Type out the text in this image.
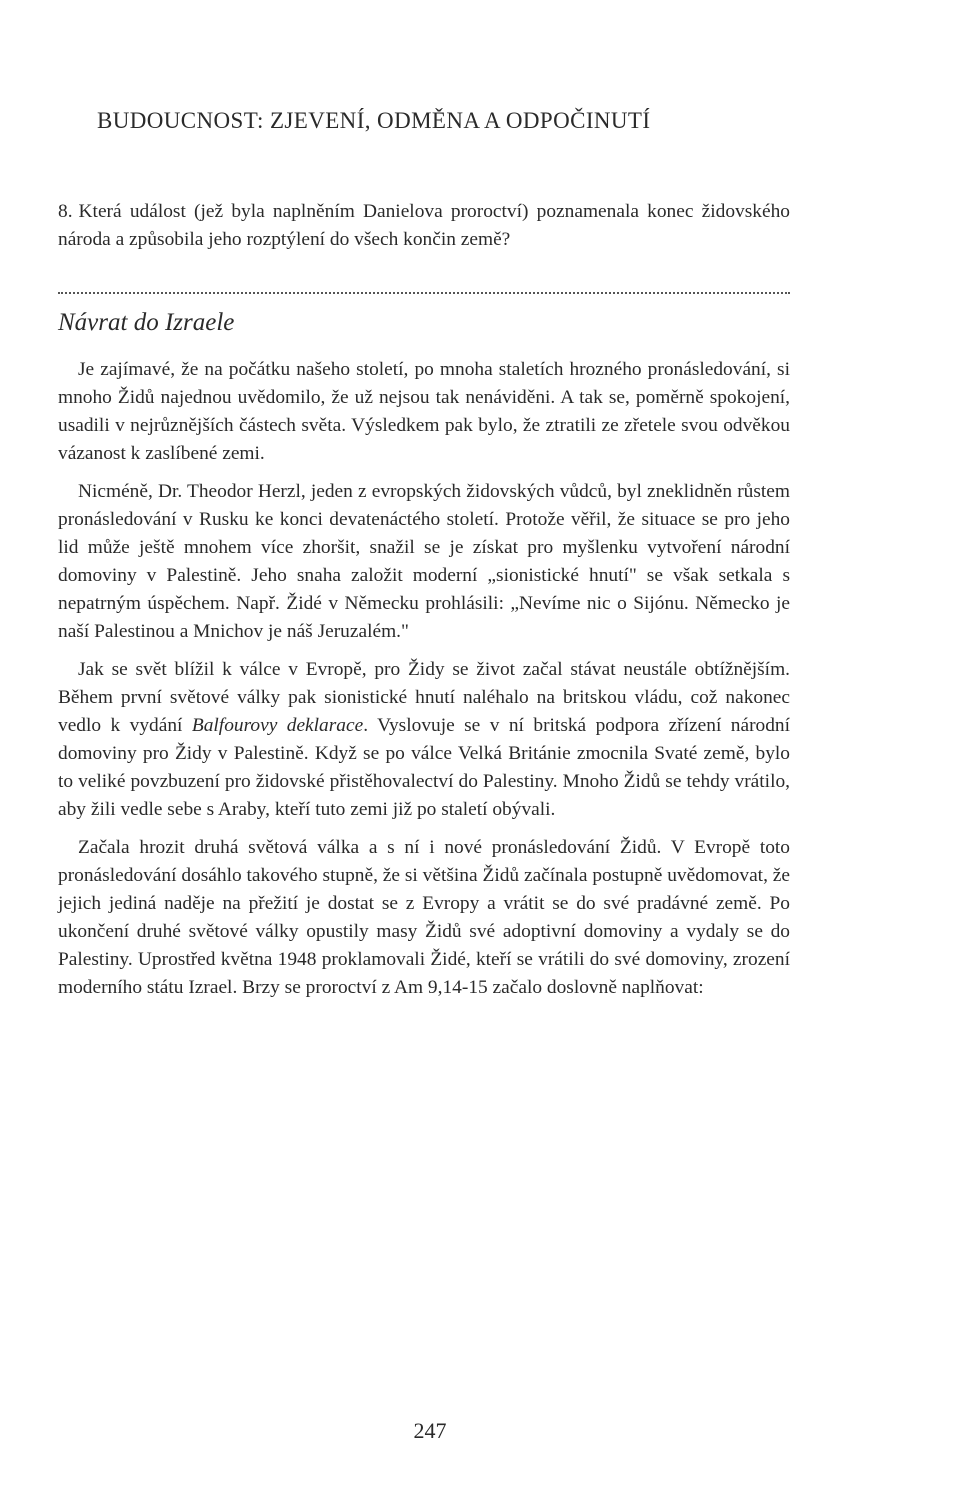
BUDOUCNOST: ZJEVENÍ, ODMĚNA A ODPOČINUTÍ

8. Která událost (jež byla naplněním Danielova proroctví) poznamenala konec židovského národa a způsobila jeho rozptýlení do všech končin země?

Návrat do Izraele

Je zajímavé, že na počátku našeho století, po mnoha staletích hrozného pronásledování, si mnoho Židů najednou uvědomilo, že už nejsou tak nenáviděni. A tak se, poměrně spokojení, usadili v nejrůznějších částech světa. Výsledkem pak bylo, že ztratili ze zřetele svou odvěkou vázanost k zaslíbené zemi.

Nicméně, Dr. Theodor Herzl, jeden z evropských židovských vůdců, byl zneklidněn růstem pronásledování v Rusku ke konci devatenáctého století. Protože věřil, že situace se pro jeho lid může ještě mnohem více zhoršit, snažil se je získat pro myšlenku vytvoření národní domoviny v Palestině. Jeho snaha založit moderní „sionistické hnutí" se však setkala s nepatrným úspěchem. Např. Židé v Německu prohlásili: „Nevíme nic o Sijónu. Německo je naší Palestinou a Mnichov je náš Jeruzalém."

Jak se svět blížil k válce v Evropě, pro Židy se život začal stávat neustále obtížnějším. Během první světové války pak sionistické hnutí naléhalo na britskou vládu, což nakonec vedlo k vydání Balfourovy deklarace. Vyslovuje se v ní britská podpora zřízení národní domoviny pro Židy v Palestině. Když se po válce Velká Británie zmocnila Svaté země, bylo to veliké povzbuzení pro židovské přistěhovalectví do Palestiny. Mnoho Židů se tehdy vrátilo, aby žili vedle sebe s Araby, kteří tuto zemi již po staletí obývali.

Začala hrozit druhá světová válka a s ní i nové pronásledování Židů. V Evropě toto pronásledování dosáhlo takového stupně, že si většina Židů začínala postupně uvědomovat, že jejich jediná naděje na přežití je dostat se z Evropy a vrátit se do své pradávné země. Po ukončení druhé světové války opustily masy Židů své adoptivní domoviny a vydaly se do Palestiny. Uprostřed května 1948 proklamovali Židé, kteří se vrátili do své domoviny, zrození moderního státu Izrael. Brzy se proroctví z Am 9,14-15 začalo doslovně naplňovat:

247
